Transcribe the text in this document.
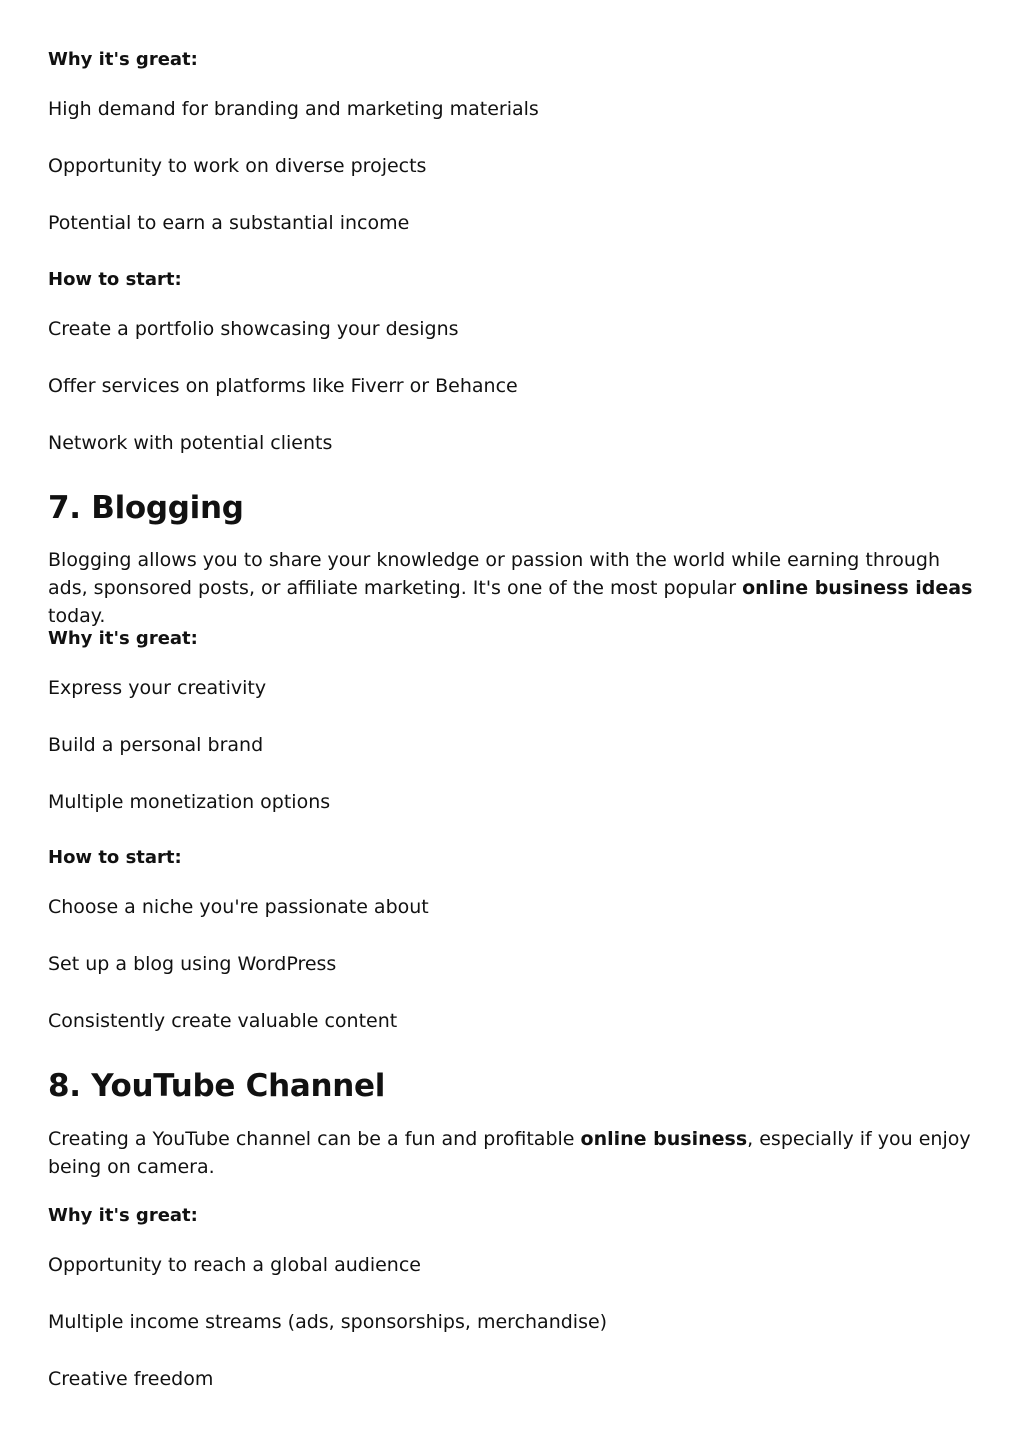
Why it's great:

High demand for branding and marketing materials

Opportunity to work on diverse projects

Potential to earn a substantial income

How to start:

Create a portfolio showcasing your designs

Offer services on platforms like Fiverr or Behance

Network with potential clients

7. Blogging

Blogging allows you to share your knowledge or passion with the world while earning through ads, sponsored posts, or affiliate marketing. It's one of the most popular online business ideas today.

Why it's great:

Express your creativity

Build a personal brand

Multiple monetization options

How to start:

Choose a niche you're passionate about

Set up a blog using WordPress

Consistently create valuable content

8. YouTube Channel

Creating a YouTube channel can be a fun and profitable online business, especially if you enjoy being on camera.

Why it's great:

Opportunity to reach a global audience

Multiple income streams (ads, sponsorships, merchandise)

Creative freedom
